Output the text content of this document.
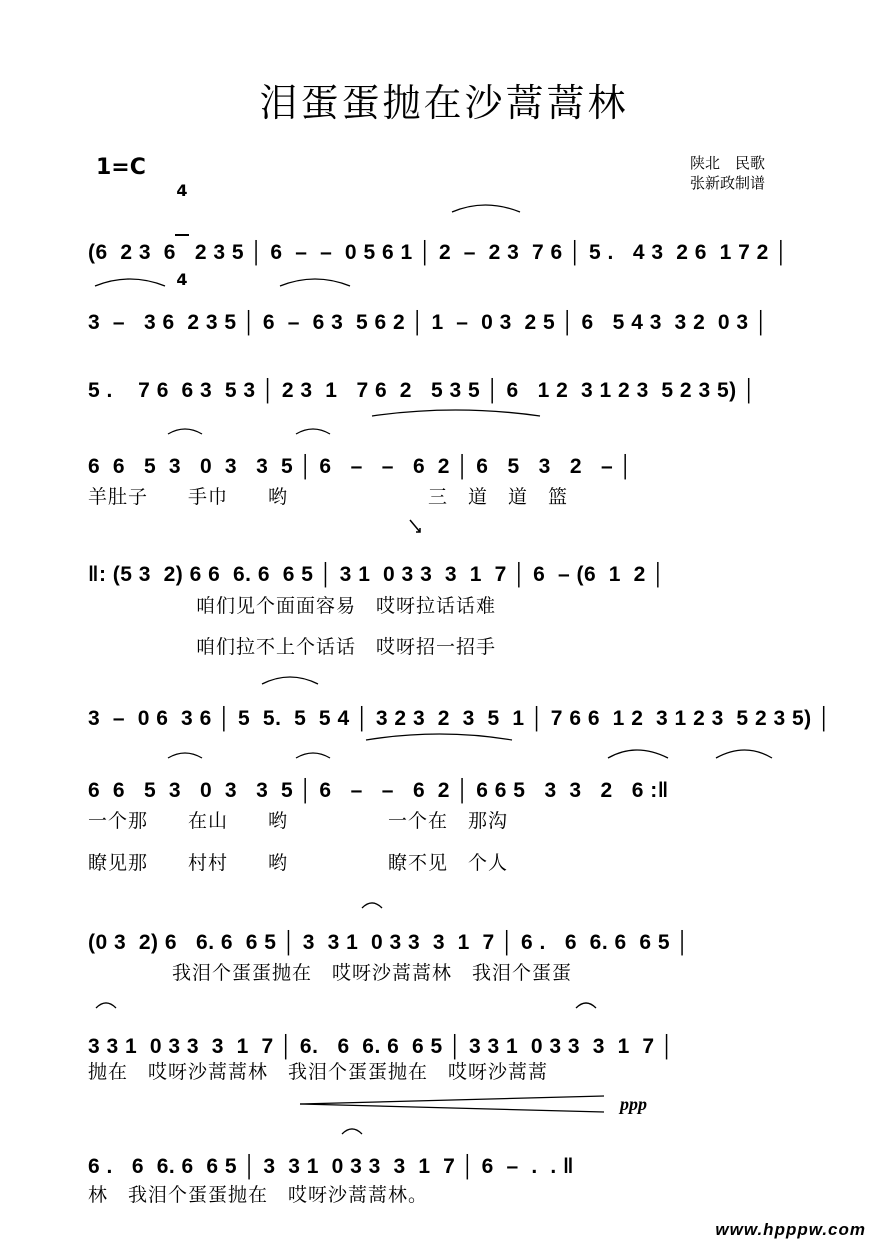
泪蛋蛋抛在沙蒿蒿林
1=C

4

4

陕北　民歌
张新政制谱

(6  2 3  6   2 3 5 │ 6  –  –  0 5 6 1 │ 2  –  2 3  7 6 │ 5 .   4 3  2 6  1 7 2 │

3  –   3 6  2 3 5 │ 6  –  6 3  5 6 2 │ 1  –  0 3  2 5 │ 6   5 4 3  3 2  0 3 │

5 .    7 6  6 3  5 3 │ 2 3  1   7 6  2   5 3 5 │ 6   1 2  3 1 2 3  5 2 3 5) │

6  6   5  3   0  3   3  5 │ 6   –   –   6  2 │ 6   5   3   2   – │

羊肚子　　手巾　　哟　　　　　　　三　道　道　篮

‖: (5 3  2) 6 6  6. 6  6 5 │ 3 1  0 3 3  3  1  7 │ 6  – (6  1  2 │

咱们见个面面容易　哎呀拉话话难
咱们拉不上个话话　哎呀招一招手

3  –  0 6  3 6 │ 5  5.  5  5 4 │ 3 2 3  2  3  5  1 │ 7 6 6  1 2  3 1 2 3  5 2 3 5) │

6  6   5  3   0  3   3  5 │ 6   –   –   6  2 │ 6 6 5   3  3   2   6 :‖

一个那　　在山　　哟　　　　　一个在　那沟
瞭见那　　村村　　哟　　　　　瞭不见　个人

(0 3  2) 6   6. 6  6 5 │ 3  3 1  0 3 3  3  1  7 │ 6 .   6  6. 6  6 5 │

我泪个蛋蛋抛在　哎呀沙蒿蒿林　我泪个蛋蛋

3 3 1  0 3 3  3  1  7 │ 6.   6  6. 6  6 5 │ 3 3 1  0 3 3  3  1  7 │

抛在　哎呀沙蒿蒿林　我泪个蛋蛋抛在　哎呀沙蒿蒿
ppp

6 .   6  6. 6  6 5 │ 3  3 1  0 3 3  3  1  7 │ 6  –  .  . ‖

林　我泪个蛋蛋抛在　哎呀沙蒿蒿林。
www.hpppw.com
